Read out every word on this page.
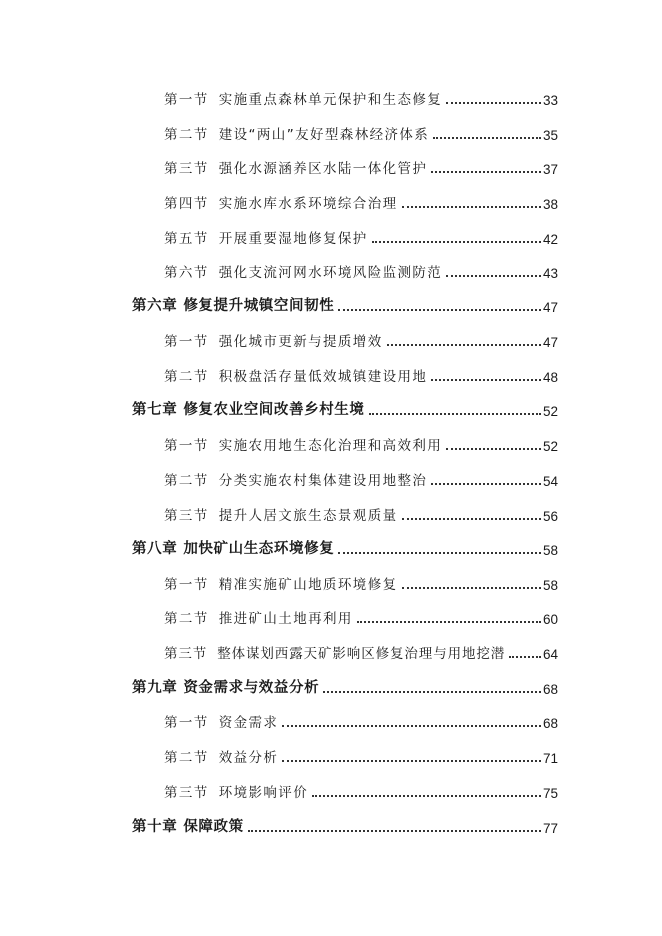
第一节 实施重点森林单元保护和生态修复	33
第二节 建设“两山”友好型森林经济体系	35
第三节 强化水源涵养区水陆一体化管护	37
第四节 实施水库水系环境综合治理	38
第五节 开展重要湿地修复保护	42
第六节 强化支流河网水环境风险监测防范	43
第六章 修复提升城镇空间韧性	47
第一节 强化城市更新与提质增效	47
第二节 积极盘活存量低效城镇建设用地	48
第七章 修复农业空间改善乡村生境	52
第一节 实施农用地生态化治理和高效利用	52
第二节 分类实施农村集体建设用地整治	54
第三节 提升人居文旅生态景观质量	56
第八章 加快矿山生态环境修复	58
第一节 精准实施矿山地质环境修复	58
第二节 推进矿山土地再利用	60
第三节 整体谋划西露天矿影响区修复治理与用地挖潜	64
第九章 资金需求与效益分析	68
第一节 资金需求	68
第二节 效益分析	71
第三节 环境影响评价	75
第十章 保障政策	77
